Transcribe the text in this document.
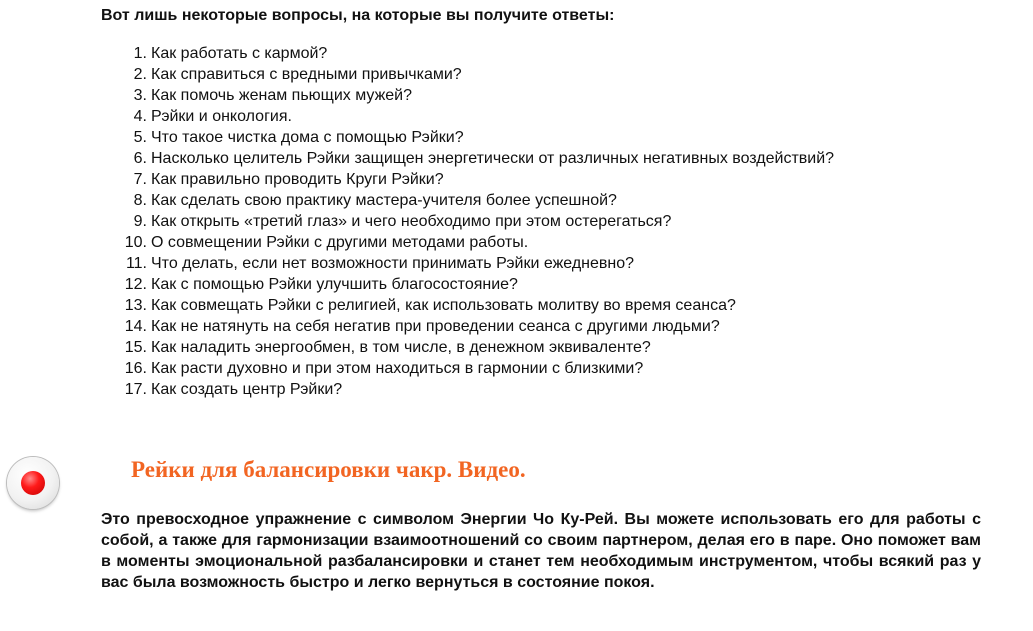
Вот лишь некоторые вопросы, на которые вы получите ответы:

1. Как работать с кармой?
2. Как справиться с вредными привычками?
3. Как помочь женам пьющих мужей?
4. Рэйки и онкология.
5. Что такое чистка дома с помощью Рэйки?
6. Насколько целитель Рэйки защищен энергетически от различных негативных воздействий?
7. Как правильно проводить Круги Рэйки?
8. Как сделать свою практику мастера-учителя более успешной?
9. Как открыть «третий глаз» и чего необходимо при этом остерегаться?
10. О совмещении Рэйки с другими методами работы.
11. Что делать, если нет возможности принимать Рэйки ежедневно?
12. Как с помощью Рэйки улучшить благосостояние?
13. Как совмещать Рэйки с религией, как использовать молитву во время сеанса?
14. Как не натянуть на себя негатив при проведении сеанса с другими людьми?
15. Как наладить энергообмен, в том числе, в денежном эквиваленте?
16. Как расти духовно и при этом находиться в гармонии с близкими?
17. Как создать центр Рэйки?
Рейки для балансировки чакр. Видео.

Это превосходное упражнение с символом Энергии Чо Ку-Рей. Вы можете использовать его для работы с собой, а также для гармонизации взаимоотношений со своим партнером, делая его в паре. Оно поможет вам в моменты эмоциональной разбалансировки и станет тем необходимым инструментом, чтобы всякий раз у вас была возможность быстро и легко вернуться в состояние покоя.
